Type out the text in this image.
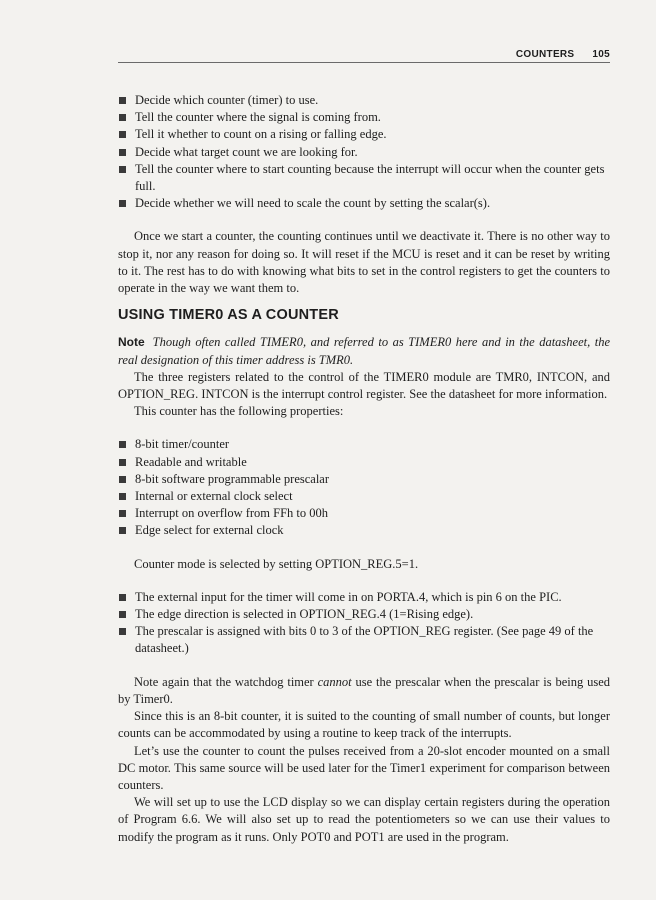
COUNTERS 105
Decide which counter (timer) to use.
Tell the counter where the signal is coming from.
Tell it whether to count on a rising or falling edge.
Decide what target count we are looking for.
Tell the counter where to start counting because the interrupt will occur when the counter gets full.
Decide whether we will need to scale the count by setting the scalar(s).

Once we start a counter, the counting continues until we deactivate it. There is no other way to stop it, nor any reason for doing so. It will reset if the MCU is reset and it can be reset by writing to it. The rest has to do with knowing what bits to set in the control registers to get the counters to operate in the way we want them to.

USING TIMER0 AS A COUNTER

Note Though often called TIMER0, and referred to as TIMER0 here and in the datasheet, the real designation of this timer address is TMR0.

The three registers related to the control of the TIMER0 module are TMR0, INTCON, and OPTION_REG. INTCON is the interrupt control register. See the datasheet for more information.

This counter has the following properties:

8-bit timer/counter
Readable and writable
8-bit software programmable prescalar
Internal or external clock select
Interrupt on overflow from FFh to 00h
Edge select for external clock

Counter mode is selected by setting OPTION_REG.5=1.

The external input for the timer will come in on PORTA.4, which is pin 6 on the PIC.
The edge direction is selected in OPTION_REG.4 (1=Rising edge).
The prescalar is assigned with bits 0 to 3 of the OPTION_REG register. (See page 49 of the datasheet.)

Note again that the watchdog timer cannot use the prescalar when the prescalar is being used by Timer0.

Since this is an 8-bit counter, it is suited to the counting of small number of counts, but longer counts can be accommodated by using a routine to keep track of the interrupts.

Let’s use the counter to count the pulses received from a 20-slot encoder mounted on a small DC motor. This same source will be used later for the Timer1 experiment for comparison between counters.

We will set up to use the LCD display so we can display certain registers during the operation of Program 6.6. We will also set up to read the potentiometers so we can use their values to modify the program as it runs. Only POT0 and POT1 are used in the program.
